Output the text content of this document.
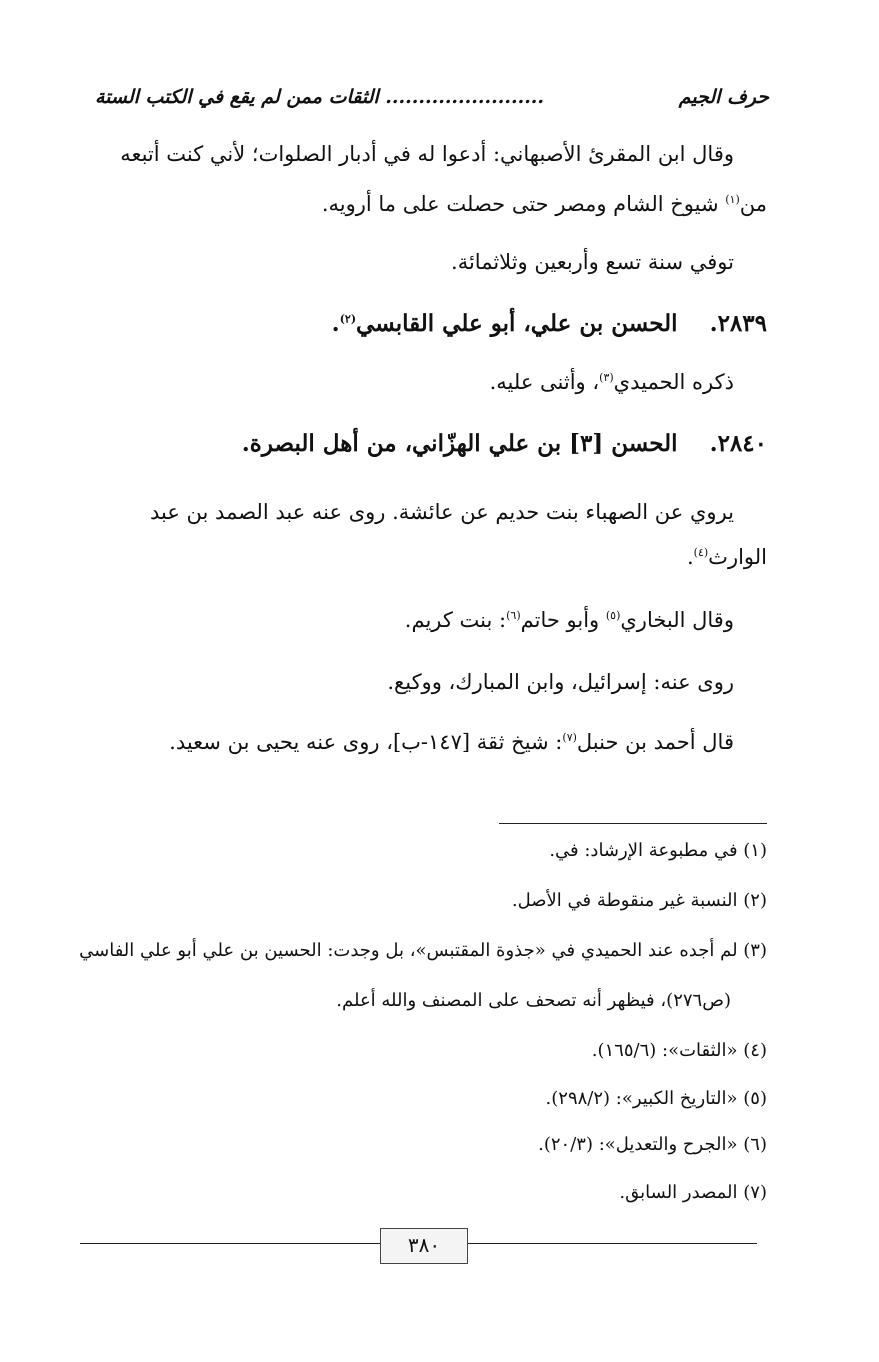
حرف الجيم
........................ الثقات ممن لم يقع في الكتب الستة
وقال ابن المقرئ الأصبهاني: أدعوا له في أدبار الصلوات؛ لأني كنت أتبعه
من$^{(١)}$ شيوخ الشام ومصر حتى حصلت على ما أرويه.
توفي سنة تسع وأربعين وثلاثمائة.
٢٨٣٩.    الحسن بن علي، أبو علي القابسي$^{(٢)}$.
ذكره الحميدي$^{(٣)}$، وأثنى عليه.
٢٨٤٠.    الحسن [٣] بن علي الهزّاني، من أهل البصرة.
يروي عن الصهباء بنت حديم عن عائشة. روى عنه عبد الصمد بن عبد
الوارث$^{(٤)}$.
وقال البخاري$^{(٥)}$ وأبو حاتم$^{(٦)}$: بنت كريم.
روى عنه: إسرائيل، وابن المبارك، ووكيع.
قال أحمد بن حنبل$^{(٧)}$: شيخ ثقة [١٤٧-ب]، روى عنه يحيى بن سعيد.
(١) في مطبوعة الإرشاد: في.
(٢) النسبة غير منقوطة في الأصل.
(٣) لم أجده عند الحميدي في «جذوة المقتبس»، بل وجدت: الحسين بن علي أبو علي الفاسي
(ص٢٧٦)، فيظهر أنه تصحف على المصنف والله أعلم.
(٤) «الثقات»: (١٦٥/٦).
(٥) «التاريخ الكبير»: (٢٩٨/٢).
(٦) «الجرح والتعديل»: (٢٠/٣).
(٧) المصدر السابق.
٣٨٠
